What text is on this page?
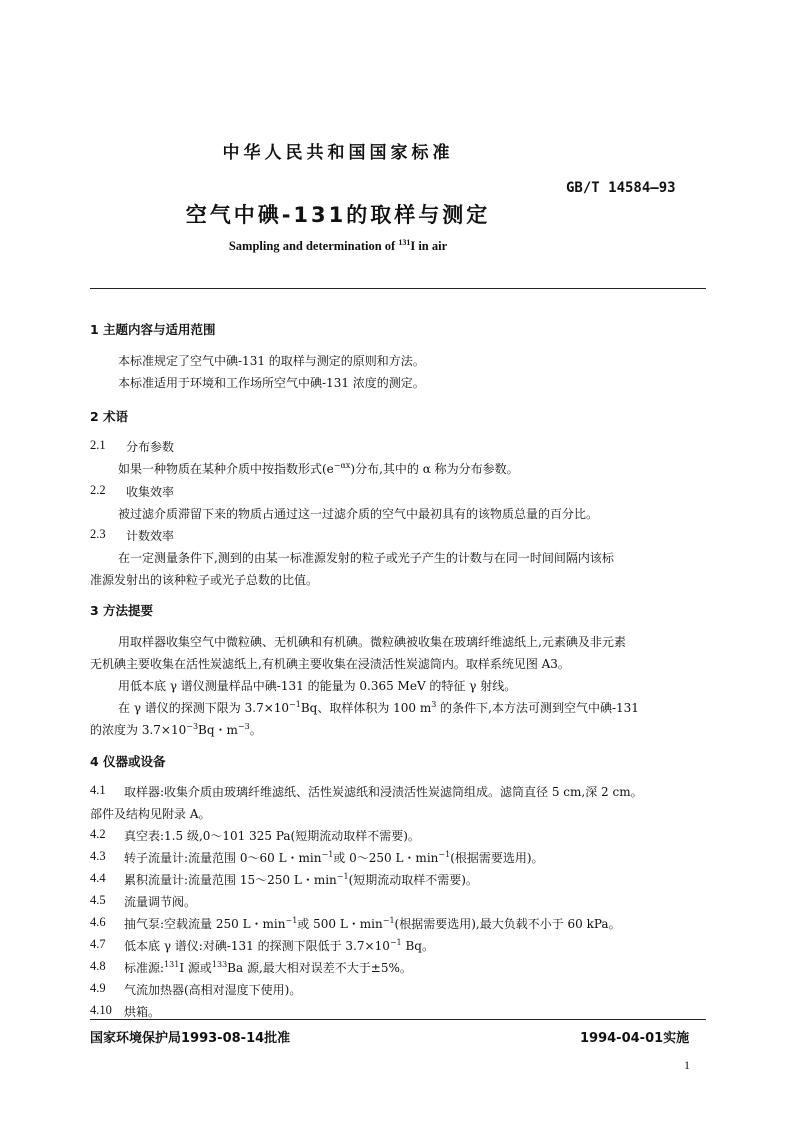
中华人民共和国国家标准
GB/T 14584—93
空气中碘-131的取样与测定
Sampling and determination of $^{131}$I in air
1 主题内容与适用范围
本标准规定了空气中碘-131 的取样与测定的原则和方法。
本标准适用于环境和工作场所空气中碘-131 浓度的测定。
2 术语
2.1 分布参数
如果一种物质在某种介质中按指数形式$(e^{-\alpha x})$分布,其中的 α 称为分布参数。
2.2 收集效率
被过滤介质滞留下来的物质占通过这一过滤介质的空气中最初具有的该物质总量的百分比。
2.3 计数效率
在一定测量条件下,测到的由某一标准源发射的粒子或光子产生的计数与在同一时间间隔内该标
准源发射出的该种粒子或光子总数的比值。
3 方法提要
用取样器收集空气中微粒碘、无机碘和有机碘。微粒碘被收集在玻璃纤维滤纸上,元素碘及非元素
无机碘主要收集在活性炭滤纸上,有机碘主要收集在浸渍活性炭滤筒内。取样系统见图 A3。
用低本底 γ 谱仪测量样品中碘-131 的能量为 0.365 MeV 的特征 γ 射线。
在 γ 谱仪的探测下限为 $3.7\times 10^{-1}Bq$、取样体积为 100 $m^3$ 的条件下,本方法可测到空气中碘-131
的浓度为 $3.7\times 10^{-3}Bq$・$m^{-3}$。
4 仪器或设备
4.1 取样器:收集介质由玻璃纤维滤纸、活性炭滤纸和浸渍活性炭滤筒组成。滤筒直径 5 cm,深 2 cm。
部件及结构见附录 A。
4.2 真空表:1.5 级,0～101 325 Pa(短期流动取样不需要)。
4.3 转子流量计:流量范围 0～60 L・$\min^{-1}$或 0～250 L・$\min^{-1}$(根据需要选用)。
4.4 累积流量计:流量范围 15～250 L・$\min^{-1}$(短期流动取样不需要)。
4.5 流量调节阀。
4.6 抽气泵:空载流量 250 L・$\min^{-1}$或 500 L・$\min^{-1}$(根据需要选用),最大负载不小于 60 kPa。
4.7 低本底 γ 谱仪:对碘-131 的探测下限低于 $3.7\times 10^{-1}$ Bq。
4.8 标准源:$^{131}$I 源或$^{133}$Ba 源,最大相对误差不大于±5%。
4.9 气流加热器(高相对湿度下使用)。
4.10 烘箱。
国家环境保护局1993-08-14批准	1994-04-01实施
1
